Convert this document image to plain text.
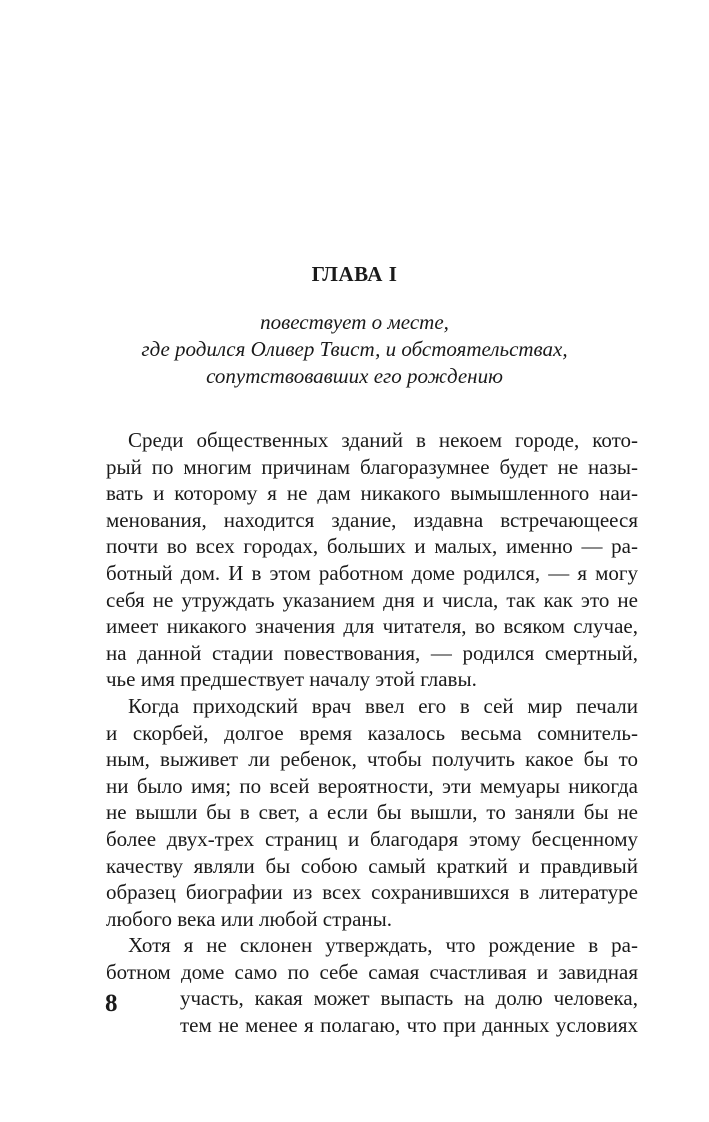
ГЛАВА I
повествует о месте,
где родился Оливер Твист, и обстоятельствах,
сопутствовавших его рождению
Среди общественных зданий в некоем городе, кото-
рый по многим причинам благоразумнее будет не назы-
вать и которому я не дам никакого вымышленного наи-
менования, находится здание, издавна встречающееся
почти во всех городах, больших и малых, именно — ра-
ботный дом. И в этом работном доме родился, — я могу
себя не утруждать указанием дня и числа, так как это не
имеет никакого значения для читателя, во всяком случае,
на данной стадии повествования, — родился смертный,
чье имя предшествует началу этой главы.
Когда приходский врач ввел его в сей мир печали
и скорбей, долгое время казалось весьма сомнитель-
ным, выживет ли ребенок, чтобы получить какое бы то
ни было имя; по всей вероятности, эти мемуары никогда
не вышли бы в свет, а если бы вышли, то заняли бы не
более двух-трех страниц и благодаря этому бесценному
качеству являли бы собою самый краткий и правдивый
образец биографии из всех сохранившихся в литературе
любого века или любой страны.
Хотя я не склонен утверждать, что рождение в ра-
ботном доме само по себе самая счастливая и завидная
участь, какая может выпасть на долю человека,
тем не менее я полагаю, что при данных условиях
8
